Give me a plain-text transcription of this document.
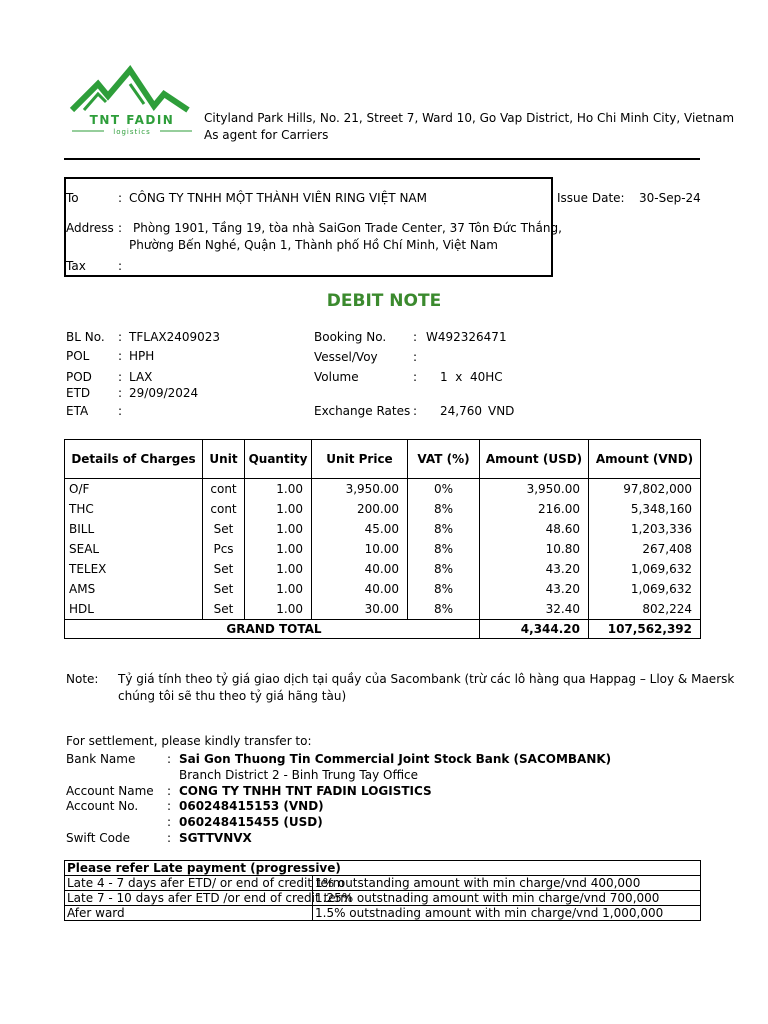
TNT FADIN
logistics
Cityland Park Hills, No. 21, Street 7, Ward 10, Go Vap District, Ho Chi Minh City, Vietnam
As agent for Carriers
To	: CÔNG TY TNHH MỘT THÀNH VIÊN RING VIỆT NAM
Address : Phòng 1901, Tầng 19, tòa nhà SaiGon Trade Center, 37 Tôn Đức Thắng,
Phường Bến Nghé, Quận 1, Thành phố Hồ Chí Minh, Việt Nam
Tax	:
Issue Date: 30-Sep-24
DEBIT NOTE
BL No. : TFLAX2409023
POL : HPH
POD : LAX
ETD : 29/09/2024
ETA :
Booking No. : W492326471
Vessel/Voy	:
Volume	: 1  x  40HC
Exchange Rates : 24,760 VND
Details of Charges	Unit	Quantity	Unit Price	VAT (%)	Amount (USD)	Amount (VND)
O/F	cont	1.00	3,950.00	0%	3,950.00	97,802,000
THC	cont	1.00	200.00	8%	216.00	5,348,160
BILL	Set	1.00	45.00	8%	48.60	1,203,336
SEAL	Pcs	1.00	10.00	8%	10.80	267,408
TELEX	Set	1.00	40.00	8%	43.20	1,069,632
AMS	Set	1.00	40.00	8%	43.20	1,069,632
HDL	Set	1.00	30.00	8%	32.40	802,224
GRAND TOTAL					4,344.20	107,562,392
Note: Tỷ giá tính theo tỷ giá giao dịch tại quầy của Sacombank (trừ các lô hàng qua Happag – Lloy & Maersk
chúng tôi sẽ thu theo tỷ giá hãng tàu)
For settlement, please kindly transfer to:
Bank Name	: Sai Gon Thuong Tin Commercial Joint Stock Bank (SACOMBANK)
Branch District 2 - Binh Trung Tay Office
Account Name : CONG TY TNHH TNT FADIN LOGISTICS
Account No. : 060248415153 (VND)
: 060248415455 (USD)
Swift Code	: SGTTVNVX
Please refer Late payment (progressive)	
Late 4 - 7 days afer ETD/ or end of credit term	1% outstanding amount with min charge/vnd 400,000
Late 7 - 10 days afer ETD /or end of credit term	1.25% outstnading amount with min charge/vnd 700,000
Afer ward	1.5% outstnading amount with min charge/vnd 1,000,000
